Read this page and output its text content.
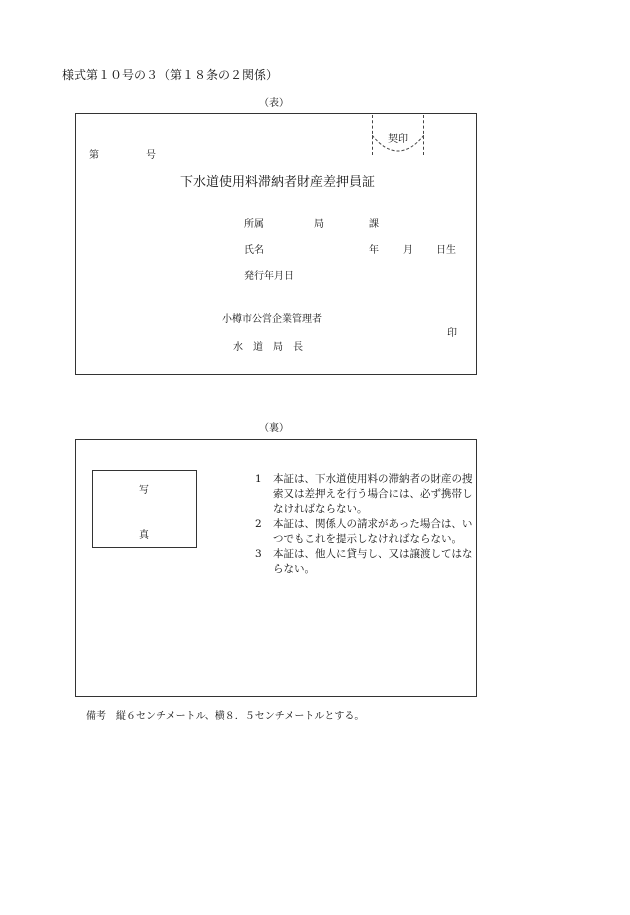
様式第１０号の３（第１８条の２関係）
（表）
契印
第	号
下水道使用料滞納者財産差押員証
所属	局	課
氏名	年 月 日生
発行年月日
小樽市公営企業管理者
印
水　道　局　長
（裏）
写
真
1	本証は、下水道使用料の滞納者の財産の捜索又は差押えを行う場合には、必ず携帯しなければならない。
2	本証は、関係人の請求があった場合は、いつでもこれを提示しなければならない。
3	本証は、他人に貸与し、又は譲渡してはならない。
備考　縦６センチメートル、横８．５センチメートルとする。
